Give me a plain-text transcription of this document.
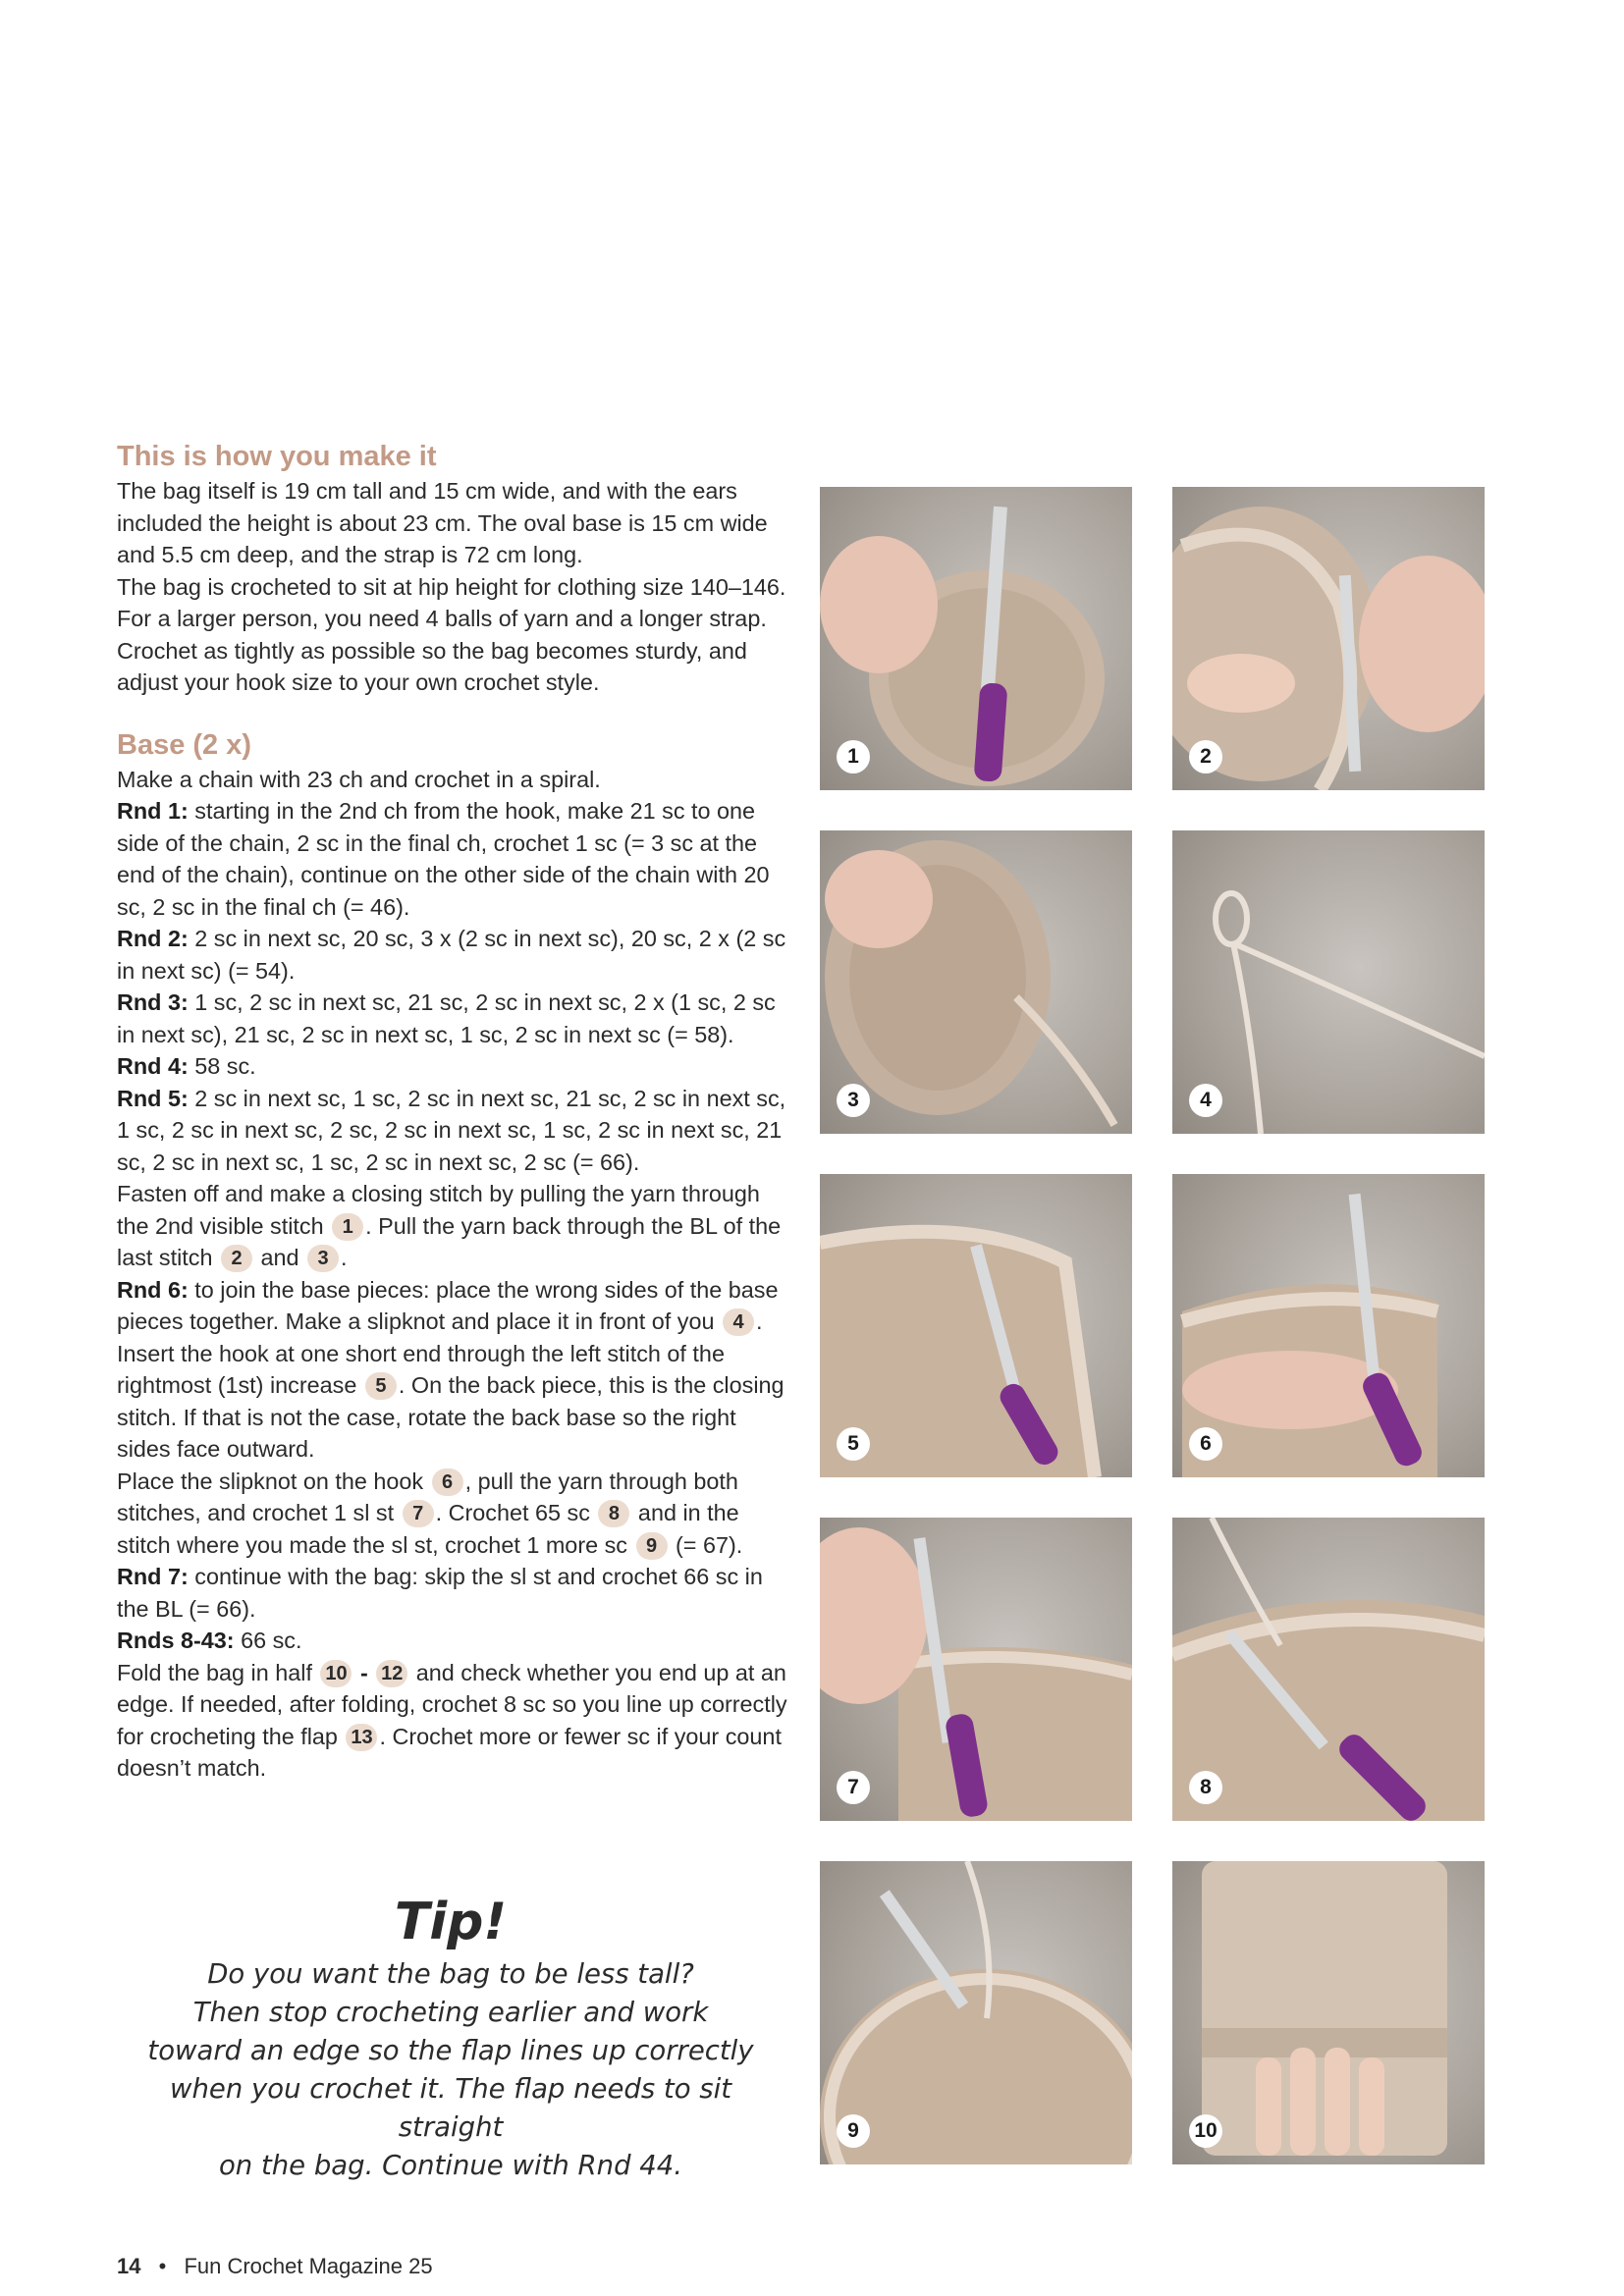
This is how you make it

The bag itself is 19 cm tall and 15 cm wide, and with the ears included the height is about 23 cm. The oval base is 15 cm wide and 5.5 cm deep, and the strap is 72 cm long.

The bag is crocheted to sit at hip height for clothing size 140–146. For a larger person, you need 4 balls of yarn and a longer strap. Crochet as tightly as possible so the bag becomes sturdy, and adjust your hook size to your own crochet style.

Base (2 x)

Make a chain with 23 ch and crochet in a spiral.

Rnd 1: starting in the 2nd ch from the hook, make 21 sc to one side of the chain, 2 sc in the final ch, crochet 1 sc (= 3 sc at the end of the chain), continue on the other side of the chain with 20 sc, 2 sc in the final ch (= 46).

Rnd 2: 2 sc in next sc, 20 sc, 3 x (2 sc in next sc), 20 sc, 2 x (2 sc in next sc) (= 54).

Rnd 3: 1 sc, 2 sc in next sc, 21 sc, 2 sc in next sc, 2 x (1 sc, 2 sc in next sc), 21 sc, 2 sc in next sc, 1 sc, 2 sc in next sc (= 58).

Rnd 4: 58 sc.

Rnd 5: 2 sc in next sc, 1 sc, 2 sc in next sc, 21 sc, 2 sc in next sc, 1 sc, 2 sc in next sc, 2 sc, 2 sc in next sc, 1 sc, 2 sc in next sc, 21 sc, 2 sc in next sc, 1 sc, 2 sc in next sc, 2 sc (= 66).

Fasten off and make a closing stitch by pulling the yarn through the 2nd visible stitch 1 . Pull the yarn back through the BL of the last stitch 2 and 3 .

Rnd 6: to join the base pieces: place the wrong sides of the base pieces together. Make a slipknot and place it in front of you 4 . Insert the hook at one short end through the left stitch of the rightmost (1st) increase 5 . On the back piece, this is the closing stitch. If that is not the case, rotate the back base so the right sides face outward.

Place the slipknot on the hook 6 , pull the yarn through both stitches, and crochet 1 sl st 7 . Crochet 65 sc 8 and in the stitch where you made the sl st, crochet 1 more sc 9 (= 67).

Rnd 7: continue with the bag: skip the sl st and crochet 66 sc in the BL (= 66).

Rnds 8-43: 66 sc.

Fold the bag in half 10 - 12 and check whether you end up at an edge. If needed, after folding, crochet 8 sc so you line up correctly for crocheting the flap 13 . Crochet more or fewer sc if your count doesn’t match.

Tip!
Do you want the bag to be less tall?
Then stop crocheting earlier and work
toward an edge so the flap lines up correctly
when you crochet it. The flap needs to sit straight
on the bag. Continue with Rnd 44.
14 • Fun Crochet Magazine 25
1	2
3	4
5	6
7	8
9	10
